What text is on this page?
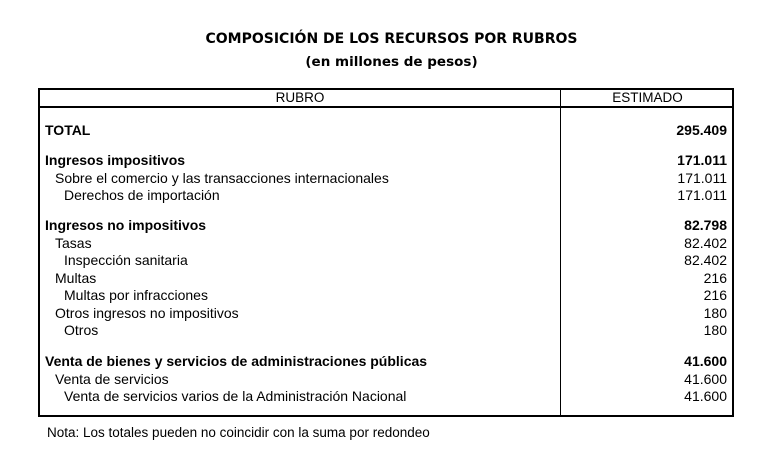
COMPOSICIÓN DE LOS RECURSOS POR RUBROS
(en millones de pesos)
RUBRO	ESTIMADO
TOTAL	295.409
Ingresos impositivos	171.011
Sobre el comercio y las transacciones internacionales	171.011
Derechos de importación	171.011
Ingresos no impositivos	82.798
Tasas	82.402
Inspección sanitaria	82.402
Multas	216
Multas por infracciones	216
Otros ingresos no impositivos	180
Otros	180
Venta de bienes y servicios de administraciones públicas	41.600
Venta de servicios	41.600
Venta de servicios varios de la Administración Nacional	41.600
Nota: Los totales pueden no coincidir con la suma por redondeo
